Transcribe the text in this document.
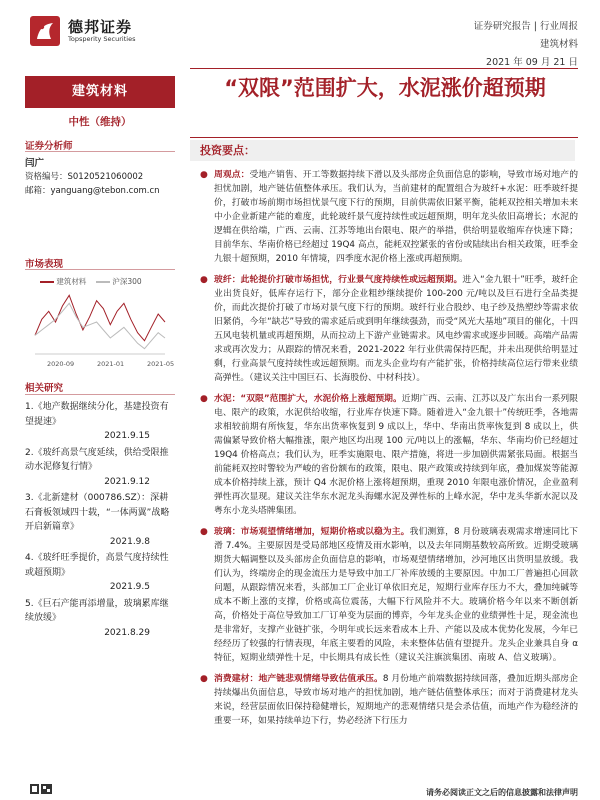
德邦证券
Topsperity Securities
证券研究报告 | 行业周报
建筑材料
2021 年 09 月 21 日
建筑材料
中性（维持）
证券分析师
闫广
资格编号：S0120521060002
邮箱：yanguang@tebon.com.cn
市场表现
建筑材料	沪深300
2020-09	2021-01	2021-05
相关研究
1.《地产数据继续分化，基建投资有望提速》
2021.9.15
2.《玻纤高景气度延续，供给受限推动水泥修复行情》
2021.9.12
3.《北新建材（000786.SZ）：深耕石膏板领域四十载，“一体两翼”战略开启新篇章》
2021.9.8
4.《玻纤旺季提价，高景气度持续性或超预期》
2021.9.5
5.《巨石产能再添增量，玻璃累库继续放缓》
2021.8.29
“双限”范围扩大，水泥涨价超预期
投资要点：
● 周观点：受地产销售、开工等数据持续下滑以及头部房企负面信息的影响，导致市场对地产的担忧加剧，地产链估值整体承压。我们认为，当前建材的配置组合为玻纤+水泥：旺季玻纤提价，打破市场前期市场担忧景气度下行的预期，目前供需依旧紧平衡，能耗双控相关增加未来中小企业新建产能的难度，此轮玻纤景气度持续性或远超预期，明年龙头依旧高增长；水泥的逻辑在供给端，广西、云南、江苏等地出台限电、限产的举措，供给明显收缩库存快速下降；目前华东、华南价格已经超过 19Q4 高点，能耗双控紧张的省份或陆续出台相关政策，旺季金九银十超预期，2010 年情境，四季度水泥价格上涨或再超预期。
● 玻纤：此轮提价打破市场担忧，行业景气度持续性或远超预期。进入“金九银十”旺季，玻纤企业出货良好，低库存运行下，部分企业粗纱继续提价 100-200 元/吨以及巨石进行全品类提价，而此次提价打破了市场对景气度下行的预期。玻纤行业合股纱、电子纱及热塑纱等需求依旧紧俏，今年“缺芯”导致的需求延后或到明年继续强劲，而受“风光大基地”项目的催化，十四五风电装机量或再超预期，从而拉动上下游产业链需求。风电纱需求或逐步回暖。高端产品需求或再次发力；从跟踪的情况来看，2021-2022 年行业供需保持匹配，并未出现供给明显过剩，行业高景气度持续性或远超预期。而龙头企业均有产能扩张，价格持续高位运行带来业绩高弹性。（建议关注中国巨石、长海股份、中材科技）。
● 水泥：“双限”范围扩大，水泥价格上涨超预期。近期广西、云南、江苏以及广东出台一系列限电、限产的政策，水泥供给收缩，行业库存快速下降。随着进入“金九银十”传统旺季，各地需求相较前期有所恢复，华东出货率恢复到 9 成以上，华中、华南出货率恢复到 8 成以上，供需偏紧导致价格大幅推涨，限产地区均出现 100 元/吨以上的涨幅，华东、华南均价已经超过 19Q4 价格高点；我们认为，旺季实施限电、限产措施，将进一步加剧供需紧张局面。根据当前能耗双控时警较为严峻的省份额布的政策，限电、限产政策或持续到年底，叠加煤炭等能源成本价格持续上涨，预计 Q4 水泥价格上涨将超预期，重现 2010 年限电涨价情况，企业盈利弹性再次显现。建议关注华东水泥龙头海螺水泥及弹性标的上峰水泥，华中龙头华新水泥以及粤东小龙头塔牌集团。
● 玻璃：市场观望情绪增加，短期价格或以稳为主。我们测算，8 月份玻璃表观需求增速同比下滑 7.4%。主要原因是受局部地区疫情及雨水影响，以及去年同期基数较高所致。近期受玻璃期货大幅调整以及头部房企负面信息的影响，市场观望情绪增加，沙河地区出货明显放缓。我们认为，终端房企的现金流压力是导致中加工厂补库放缓的主要原因。中加工厂普遍担心回款问题，从跟踪情况来看，头部加工厂企业订单依旧充足，短期行业库存压力不大，叠加纯碱等成本不断上涨的支撑，价格或高位震荡，大幅下行风险并不大。玻璃价格今年以来不断创新高，价格处于高位导致加工厂订单变为层面的博弈，今年龙头企业的业绩弹性十足，现金流也是非常好，支撑产业链扩张，今明年或长远来看成本上升、产能以及成本优势化发展，今年已经经历了较强的行情表现，年底主要看的风险，未来整体估值有望提升。龙头企业兼具自身 α 特征，短期业绩弹性十足，中长期具有成长性（建议关注旗滨集团、南玻 A、信义玻璃）。
● 消费建材：地产链悲观情绪导致估值承压。8 月份地产前端数据持续回落，叠加近期头部房企持续爆出负面信息，导致市场对地产的担忧加剧，地产链估值整体承压；而对于消费建材龙头来说，经营层面依旧保持稳健增长，短期地产的悲观情绪只是会杀估值，而地产作为稳经济的重要一环，如果持续单边下行，势必经济下行压力
请务必阅读正文之后的信息披露和法律声明
